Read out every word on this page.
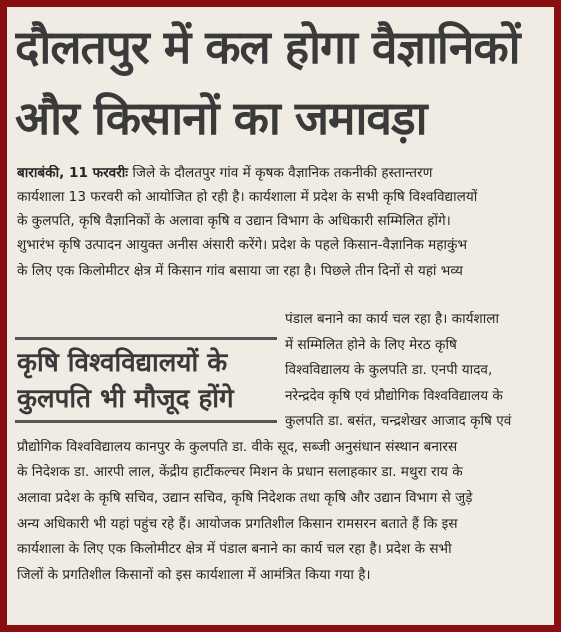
दौलतपुर में कल होगा वैज्ञानिकों
और किसानों का जमावड़ा
बाराबंकी, 11 फरवरीः जिले के दौलतपुर गांव में कृषक वैज्ञानिक तकनीकी हस्तान्तरण
कार्यशाला 13 फरवरी को आयोजित हो रही है। कार्यशाला में प्रदेश के सभी कृषि विश्वविद्यालयों
के कुलपति, कृषि वैज्ञानिकों के अलावा कृषि व उद्यान विभाग के अधिकारी सम्मिलित होंगे।
शुभारंभ कृषि उत्पादन आयुक्त अनीस अंसारी करेंगे। प्रदेश के पहले किसान-वैज्ञानिक महाकुंभ
के लिए एक किलोमीटर क्षेत्र में किसान गांव बसाया जा रहा है। पिछले तीन दिनों से यहां भव्य
कृषि विश्वविद्यालयों के
कुलपति भी मौजूद होंगे
पंडाल बनाने का कार्य चल रहा है। कार्यशाला
में सम्मिलित होने के लिए मेरठ कृषि
विश्वविद्यालय के कुलपति डा. एनपी यादव,
नरेन्द्रदेव कृषि एवं प्रौद्योगिक विश्वविद्यालय के
कुलपति डा. बसंत, चन्द्रशेखर आजाद कृषि एवं
प्रौद्योगिक विश्वविद्यालय कानपुर के कुलपति डा. वीके सूद, सब्जी अनुसंधान संस्थान बनारस
के निदेशक डा. आरपी लाल, केंद्रीय हार्टीकल्चर मिशन के प्रधान सलाहकार डा. मथुरा राय के
अलावा प्रदेश के कृषि सचिव, उद्यान सचिव, कृषि निदेशक तथा कृषि और उद्यान विभाग से जुड़े
अन्य अधिकारी भी यहां पहुंच रहे हैं। आयोजक प्रगतिशील किसान रामसरन बताते हैं कि इस
कार्यशाला के लिए एक किलोमीटर क्षेत्र में पंडाल बनाने का कार्य चल रहा है। प्रदेश के सभी
जिलों के प्रगतिशील किसानों को इस कार्यशाला में आमंत्रित किया गया है।
